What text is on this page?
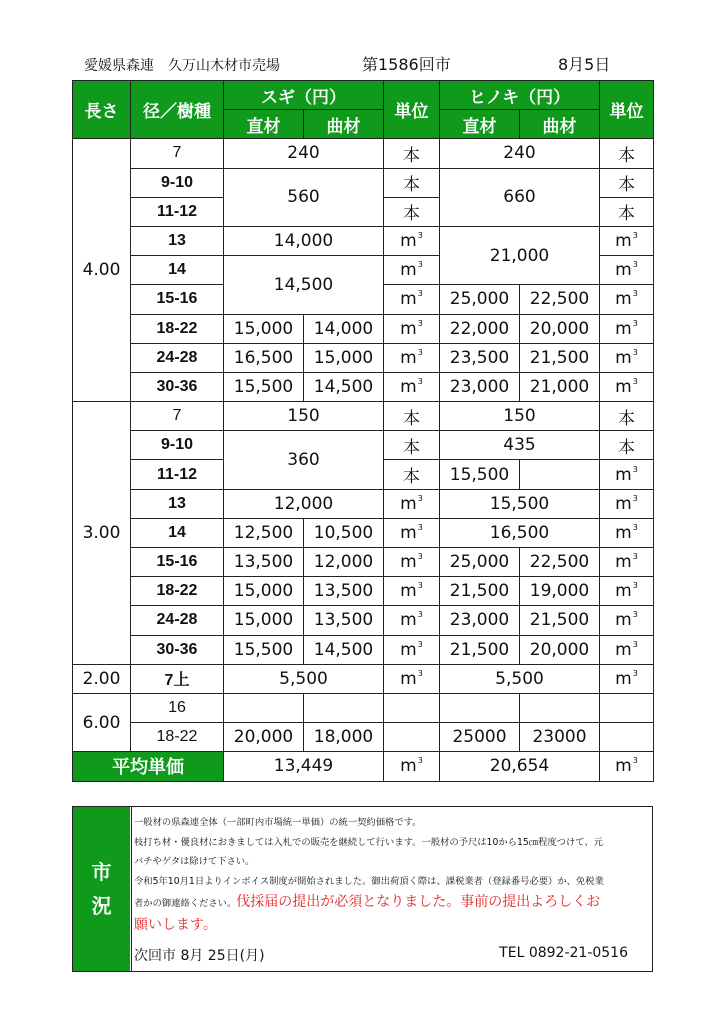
愛媛県森連　久万山木材市売場	第1586回市	8月5日
長さ	径／樹種	スギ（円）		単位	ヒノキ（円）		単位
		直材	曲材		直材	曲材	
4.00	7	240		本	240		本
	9-10	560		本	660		本
	11-12			本			本
	13	14,000		$m^3$	21,000		$m^3$
	14	14,500		$m^3$			$m^3$
	15-16			$m^3$	25,000	22,500	$m^3$
	18-22	15,000	14,000	$m^3$	22,000	20,000	$m^3$
	24-28	16,500	15,000	$m^3$	23,500	21,500	$m^3$
	30-36	15,500	14,500	$m^3$	23,000	21,000	$m^3$
3.00	7	150		本	150		本
	9-10	360		本	435		本
	11-12			本	15,500		$m^3$
	13	12,000		$m^3$	15,500		$m^3$
	14	12,500	10,500	$m^3$	16,500		$m^3$
	15-16	13,500	12,000	$m^3$	25,000	22,500	$m^3$
	18-22	15,000	13,500	$m^3$	21,500	19,000	$m^3$
	24-28	15,000	13,500	$m^3$	23,000	21,500	$m^3$
	30-36	15,500	14,500	$m^3$	21,500	20,000	$m^3$
2.00	7上	5,500		$m^3$	5,500		$m^3$
6.00	16						
	18-22	20,000	18,000		25000	23000	
平均単価		13,449		$m^3$	20,654		$m^3$
市
況
一般材の県森連全体（一部町内市場統一単価）の統一契約価格です。
枝打ち材・優良材におきましては入札での販売を継続して行います。一般材の予尺は10から15㎝程度つけて、元
バチやゲタは除けて下さい。
令和5年10月1日よりインボイス制度が開始されました。御出荷頂く際は、課税業者（登録番号必要）か、免税業
者かの御連絡ください。伐採届の提出が必須となりました。事前の提出よろしくお
願いします。
次回市 8月 25日(月)	TEL 0892-21-0516
